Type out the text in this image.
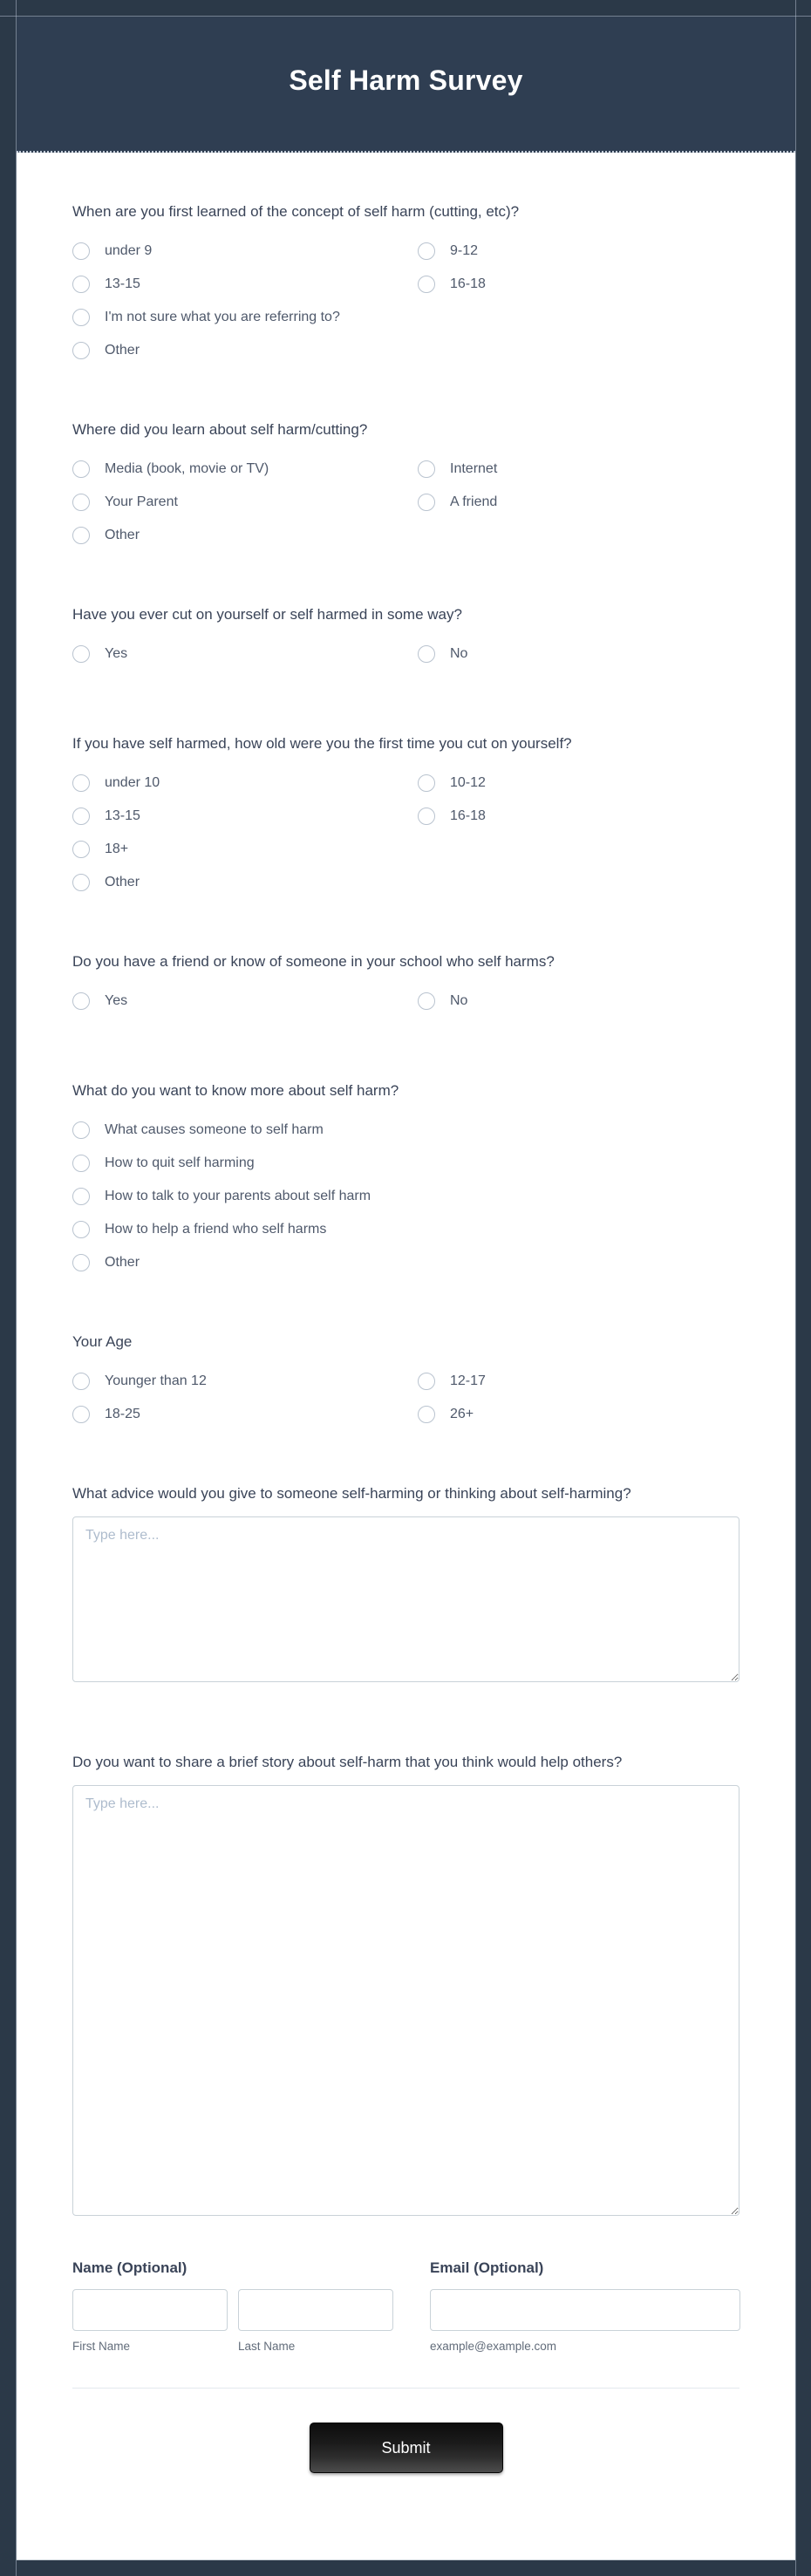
Self Harm Survey
When are you first learned of the concept of self harm (cutting, etc)?
under 9	9-12
13-15	16-18
I'm not sure what you are referring to?
Other
Where did you learn about self harm/cutting?
Media (book, movie or TV)	Internet
Your Parent	A friend
Other
Have you ever cut on yourself or self harmed in some way?
Yes	No
If you have self harmed, how old were you the first time you cut on yourself?
under 10	10-12
13-15	16-18
18+
Other
Do you have a friend or know of someone in your school who self harms?
Yes	No
What do you want to know more about self harm?
What causes someone to self harm
How to quit self harming
How to talk to your parents about self harm
How to help a friend who self harms
Other
Your Age
Younger than 12	12-17
18-25	26+
What advice would you give to someone self-harming or thinking about self-harming?
Type here...
Do you want to share a brief story about self-harm that you think would help others?
Type here...
Name (Optional)
First Name	Last Name
Email (Optional)
example@example.com
Submit
